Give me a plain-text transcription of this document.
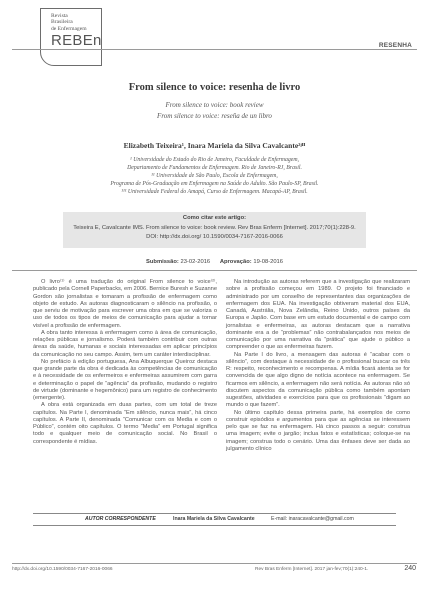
Revista
Brasileira
de Enfermagem
REBEn	RESENHA
From silence to voice: resenha de livro
From silence to voice: book review
From silence to voice: reseña de un libro
Elizabeth Teixeira¹, Inara Mariela da Silva Cavalcante²ʲᴵᴵ
¹ Universidade do Estado do Rio de Janeiro, Faculdade de Enfermagem,
Departamento de Fundamentos de Enfermagem. Rio de Janeiro-RJ, Brasil.
¹¹ Universidade de São Paulo, Escola de Enfermagem,
Programa de Pós-Graduação em Enfermagem na Saúde do Adulto. São Paulo-SP, Brasil.
¹¹¹ Universidade Federal do Amapá, Curso de Enfermagem. Macapá-AP, Brasil.
Como citar este artigo:
Teixeira E, Cavalcante IMS. From silence to voice: book review. Rev Bras Enferm [Internet]. 2017;70(1):228-9.
DOI: http://dx.doi.org/ 10.1590/0034-7167-2016-0066
Submissão: 23-02-2016 Aprovação: 19-08-2016

O livro⁽¹⁾ é uma tradução do original From silence to voice⁽²⁾, publicado pela Cornell Paperbacks, em 2006. Bernice Buresh e Suzanne Gordon são jornalistas e tomaram a profissão de enfermagem como objeto de estudo. As autoras diagnosticaram o silêncio na profissão, o que serviu de motivação para escrever uma obra em que se valoriza o uso de todos os tipos de meios de comunicação para ajudar a tornar visível a profissão de enfermagem.

A obra tanto interessa à enfermagem como à área de comunicação, relações públicas e jornalismo. Poderá também contribuir com outras áreas da saúde, humanas e sociais interessadas em aplicar princípios da comunicação no seu campo. Assim, tem um caráter interdisciplinar.

No prefácio à edição portuguesa, Ana Albuquerque Queiroz destaca que grande parte da obra é dedicada às competências de comunicação e à necessidade de os enfermeiros e enfermeiras assumirem com garra e determinação o papel de “agência” da profissão, mudando o registro de virtude (dominante e hegemônico) para um registro de conhecimento (emergente).

A obra está organizada em duas partes, com um total de treze capítulos. Na Parte I, denominada “Em silêncio, nunca mais”, há cinco capítulos. A Parte II, denominada “Comunicar com os Media e com o Público”, contém oito capítulos. O termo “Media” em Portugal significa todo e qualquer meio de comunicação social. No Brasil o correspondente é mídias.

Na introdução as autoras referem que a investigação que realizaram sobre a profissão começou em 1989. O projeto foi financiado e administrado por um conselho de representantes das organizações de enfermagem dos EUA. Na investigação obtiveram material dos EUA, Canadá, Austrália, Nova Zelândia, Reino Unido, outros países da Europa e Japão. Com base em um estudo documental e de campo com jornalistas e enfermeiras, as autoras destacam que a narrativa dominante era a de “problemas” não contrabalançados nos meios de comunicação por uma narrativa da “prática” que ajude o público a compreender o que as enfermeiras fazem.

Na Parte I do livro, a mensagem das autoras é “acabar com o silêncio”, com destaque à necessidade de o profissional buscar os três R: respeito, reconhecimento e recompensa. A mídia ficará atenta se for convencida de que algo digno de notícia acontece na enfermagem. Se ficarmos em silêncio, a enfermagem não será notícia. As autoras não só discutem aspectos da comunicação pública como também apontam sugestões, atividades e exercícios para que os profissionais “digam ao mundo o que fazem”.

No último capítulo dessa primeira parte, há exemplos de como construir episódios e argumentos para que as agências se interessem pelo que se faz na enfermagem. Há cinco passos a seguir: construa uma imagem; evite o jargão; inclua fatos e estatísticas; coloque-se na imagem; construa todo o cenário. Uma das ênfases deve ser dada ao julgamento clínico

AUTOR CORRESPONDENTE	Inara Mariela da Silva Cavalcante	E-mail: inaracavalcante@gmail.com
http://dx.doi.org/10.1590/0034-7167-2016-0066	Rev Bras Enferm [Internet]. 2017 jan-fev;70(1):240-1.	240
